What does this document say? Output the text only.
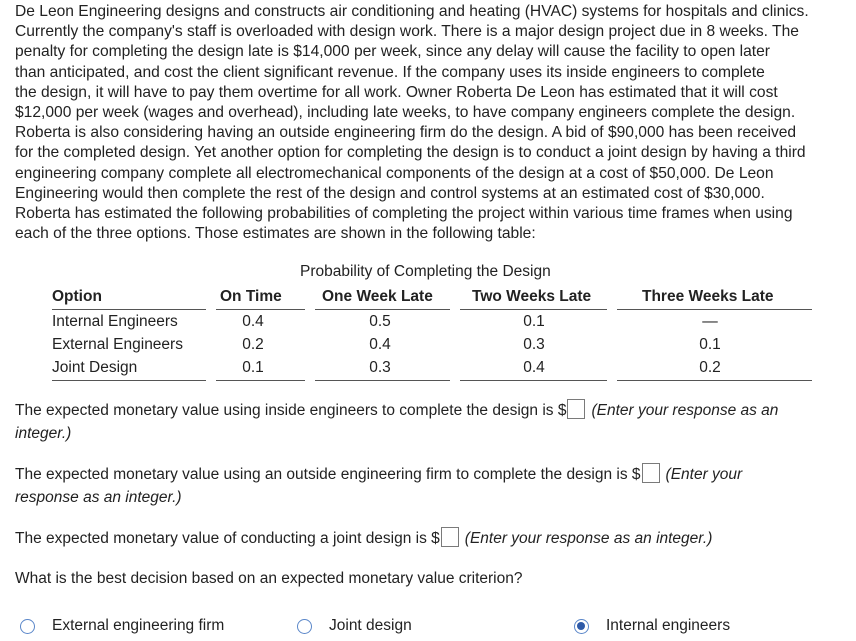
De Leon Engineering designs and constructs air conditioning and heating (HVAC) systems for hospitals and clinics.
Currently the company's staff is overloaded with design work. There is a major design project due in 8 weeks. The
penalty for completing the design late is $14,000 per week, since any delay will cause the facility to open later
than anticipated, and cost the client significant revenue. If the company uses its inside engineers to complete
the design, it will have to pay them overtime for all work. Owner Roberta De Leon has estimated that it will cost
$12,000 per week (wages and overhead), including late weeks, to have company engineers complete the design.
Roberta is also considering having an outside engineering firm do the design. A bid of $90,000 has been received
for the completed design. Yet another option for completing the design is to conduct a joint design by having a third
engineering company complete all electromechanical components of the design at a cost of $50,000. De Leon
Engineering would then complete the rest of the design and control systems at an estimated cost of $30,000.
Roberta has estimated the following probabilities of completing the project within various time frames when using
each of the three options. Those estimates are shown in the following table:

Probability of Completing the Design
Option	On Time	One Week Late	Two Weeks Late	Three Weeks Late
Internal Engineers	0.4	0.5	0.1	—
External Engineers	0.2	0.4	0.3	0.1
Joint Design	0.1	0.3	0.4	0.2
The expected monetary value using inside engineers to complete the design is $ (Enter your response as an
integer.)
The expected monetary value using an outside engineering firm to complete the design is $ (Enter your
response as an integer.)
The expected monetary value of conducting a joint design is $ (Enter your response as an integer.)
What is the best decision based on an expected monetary value criterion?
External engineering firm	Joint design	Internal engineers
